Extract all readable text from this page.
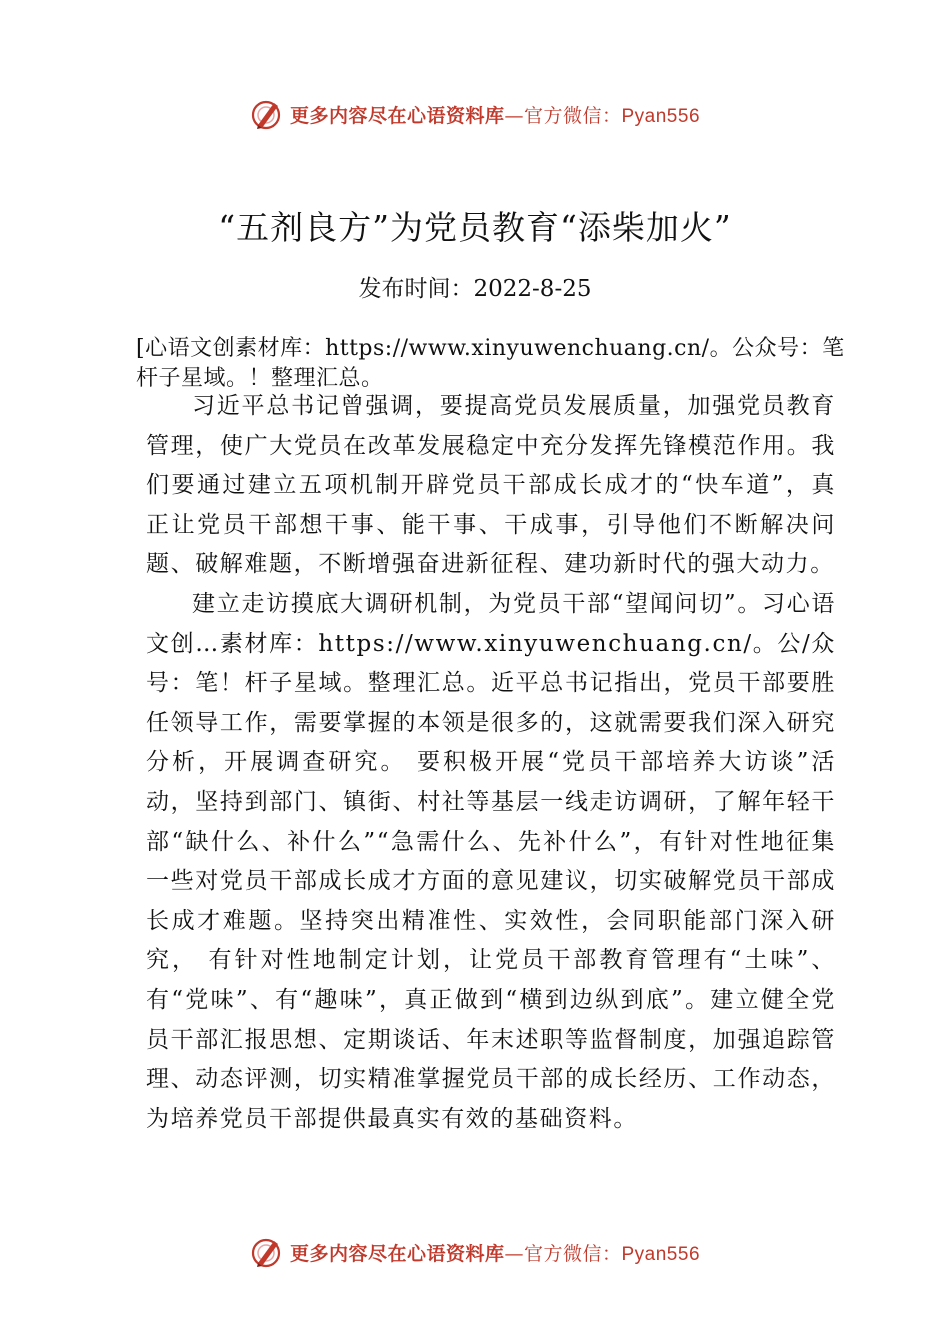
更多内容尽在心语资料库—官方微信：Pyan556
“五剂良方”为党员教育“添柴加火”
发布时间：2022-8-25
[心语文创素材库：https://www.xinyuwenchuang.cn/。公众号：笔杆子星域。！整理汇总。

习近平总书记曾强调，要提高党员发展质量，加强党员教育管理，使广大党员在改革发展稳定中充分发挥先锋模范作用。我们要通过建立五项机制开辟党员干部成长成才的“快车道”，真正让党员干部想干事、能干事、干成事，引导他们不断解决问题、破解难题，不断增强奋进新征程、建功新时代的强大动力。

建立走访摸底大调研机制，为党员干部“望闻问切”。习心语文创…素材库：https://www.xinyuwenchuang.cn/。公/众号：笔！杆子星域。整理汇总。近平总书记指出，党员干部要胜任领导工作，需要掌握的本领是很多的，这就需要我们深入研究分析，开展调查研究。 要积极开展“党员干部培养大访谈”活动，坚持到部门、镇街、村社等基层一线走访调研，了解年轻干部“缺什么、补什么”“急需什么、先补什么”，有针对性地征集一些对党员干部成长成才方面的意见建议，切实破解党员干部成长成才难题。坚持突出精准性、实效性，会同职能部门深入研究， 有针对性地制定计划，让党员干部教育管理有“土味”、有“党味”、有“趣味”，真正做到“横到边纵到底”。建立健全党员干部汇报思想、定期谈话、年末述职等监督制度，加强追踪管理、动态评测，切实精准掌握党员干部的成长经历、工作动态，为培养党员干部提供最真实有效的基础资料。

更多内容尽在心语资料库—官方微信：Pyan556
